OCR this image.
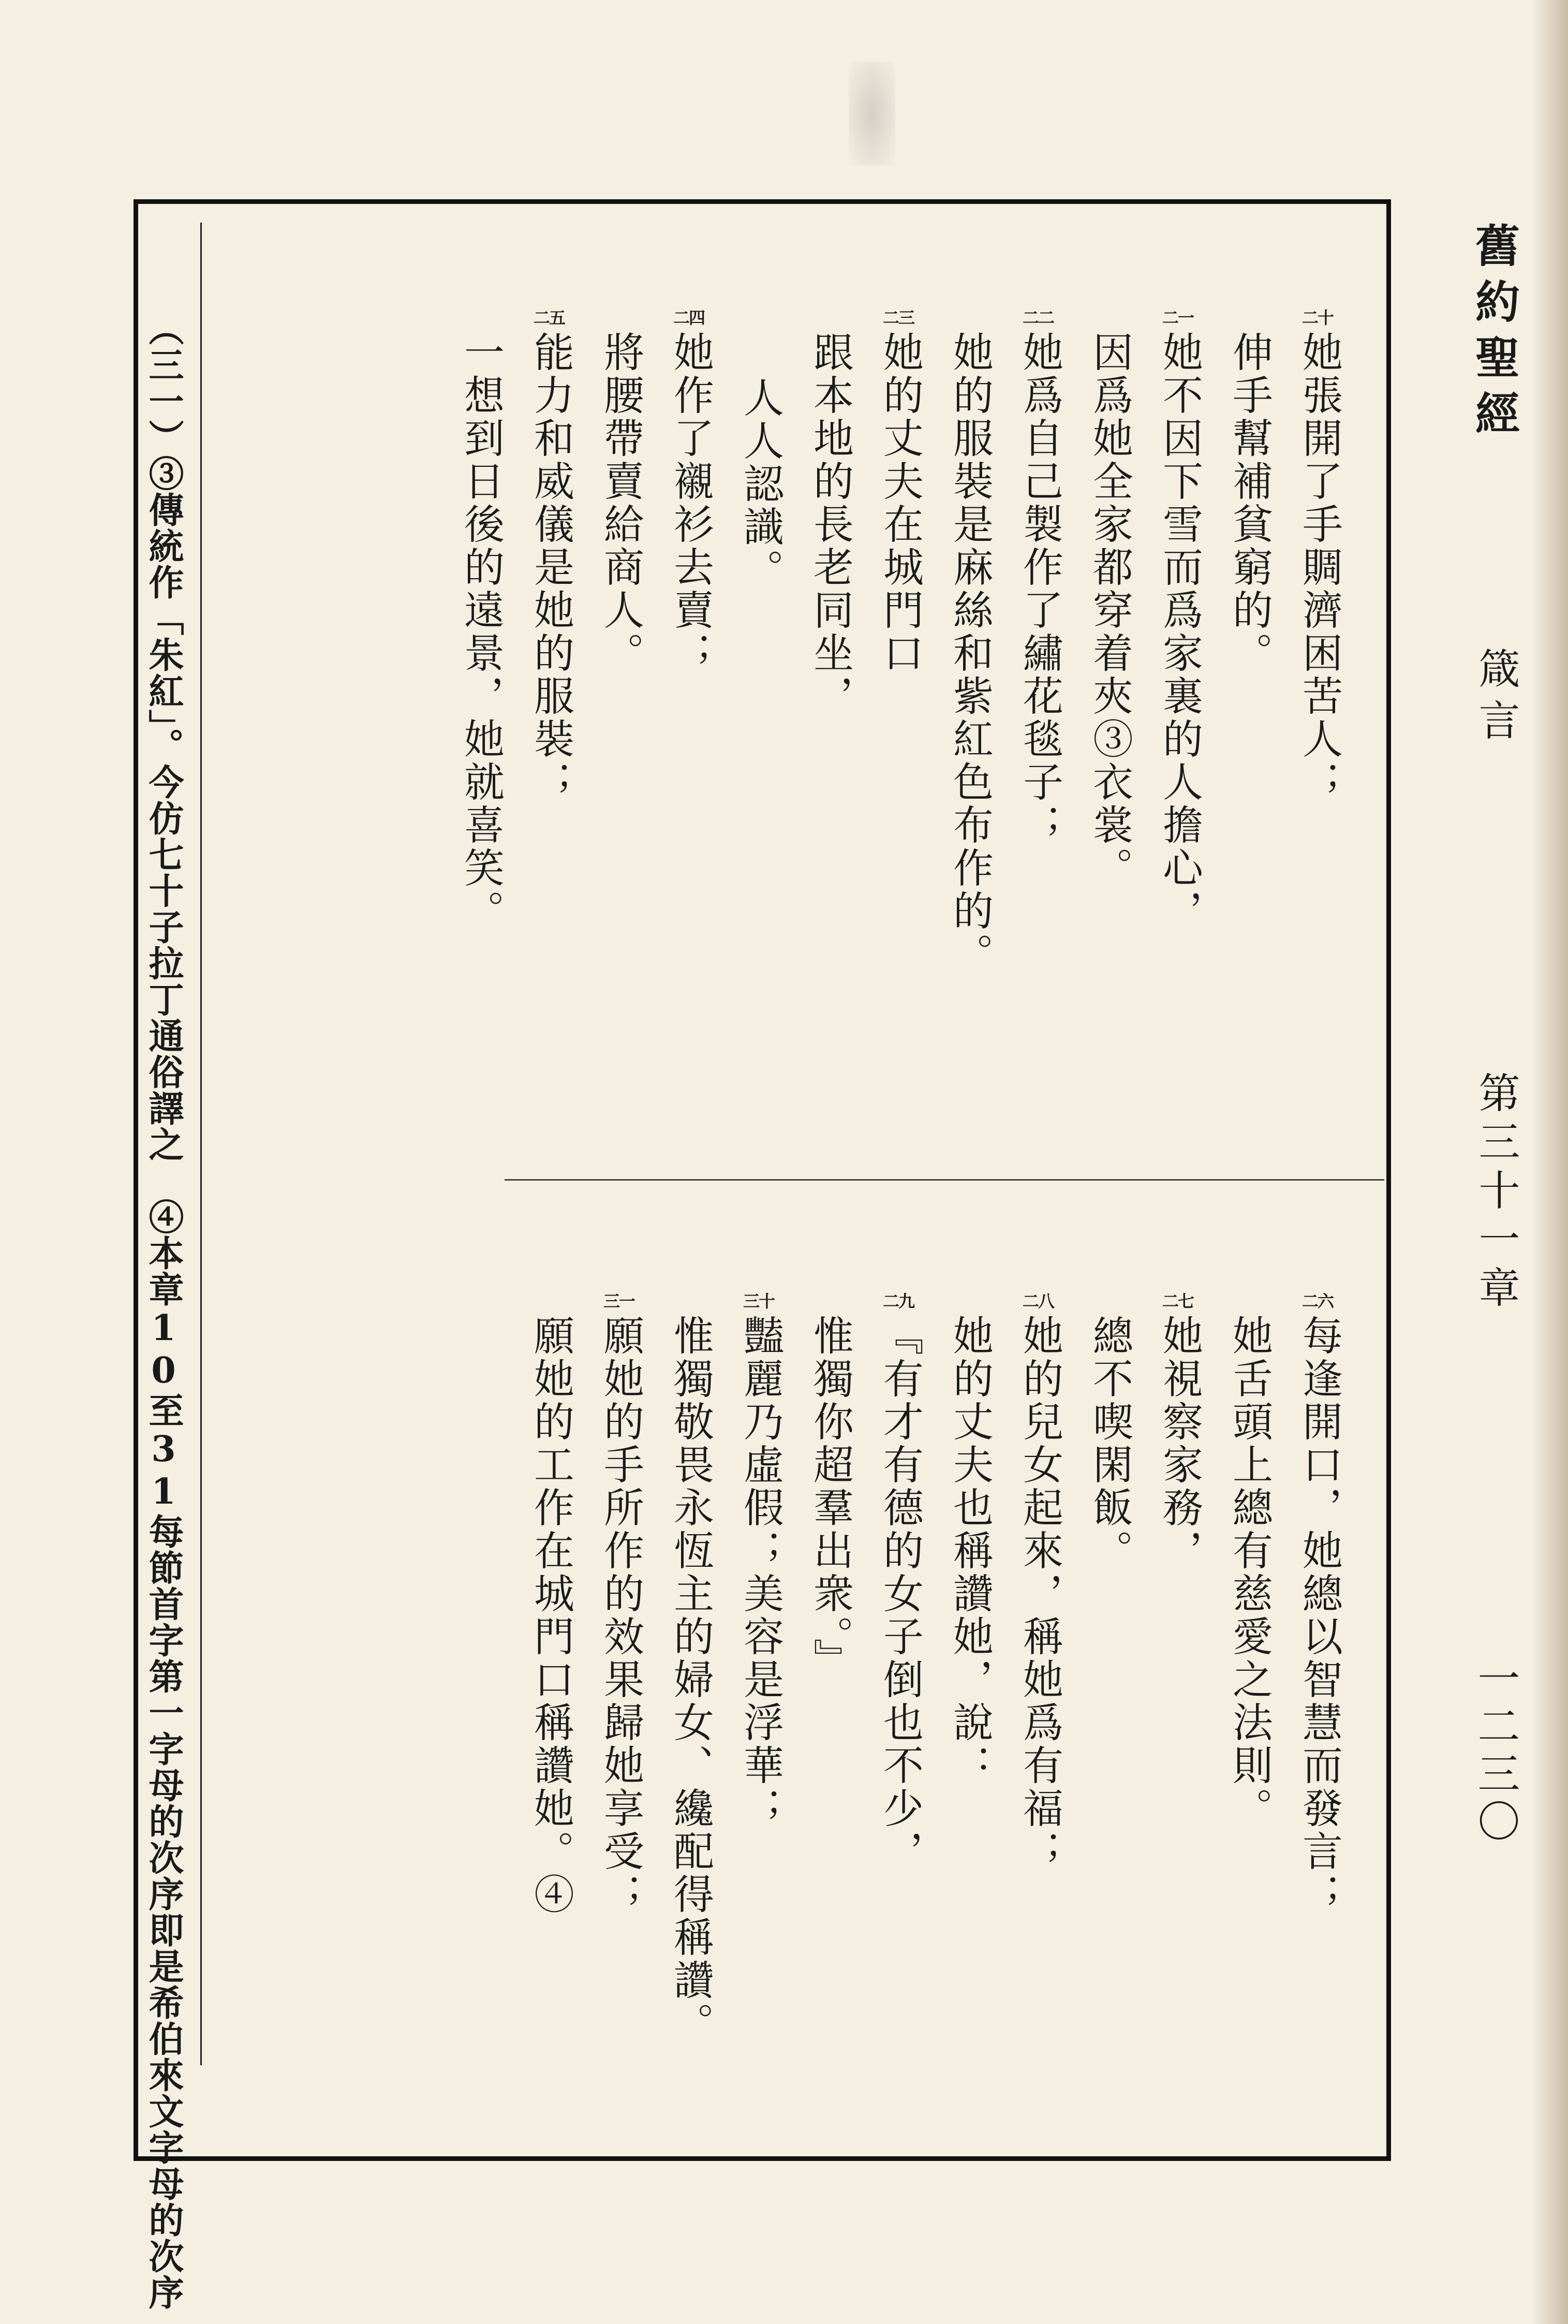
舊約聖經
箴言
第三十一章
一二三〇
她張開了手賙濟困苦人；
二十
伸手幫補貧窮的。
她不因下雪而爲家裏的人擔心，
二一
因爲她全家都穿着夾③衣裳。
她爲自己製作了繡花毯子；
二二
她的服裝是麻絲和紫紅色布作的。
她的丈夫在城門口
二三
跟本地的長老同坐，
人人認識。
她作了襯衫去賣；
二四
將腰帶賣給商人。
能力和威儀是她的服裝；
二五
一想到日後的遠景，她就喜笑。
每逢開口，她總以智慧而發言；
二六
她舌頭上總有慈愛之法則。
她視察家務，
二七
總不喫閑飯。
她的兒女起來，稱她爲有福；
二八
她的丈夫也稱讚她，說：
『有才有德的女子倒也不少，
二九
惟獨你超羣出衆。』
豔麗乃虛假；美容是浮華；
三十
惟獨敬畏永恆主的婦女、纔配得稱讚。
願她的手所作的效果歸她享受；
三一
願她的工作在城門口稱讚她。④
（三一）③傳統作「朱紅」。今仿七十子拉丁通俗譯之　④本章10至31每節首字第一字母的次序即是希伯來文字母的次序
